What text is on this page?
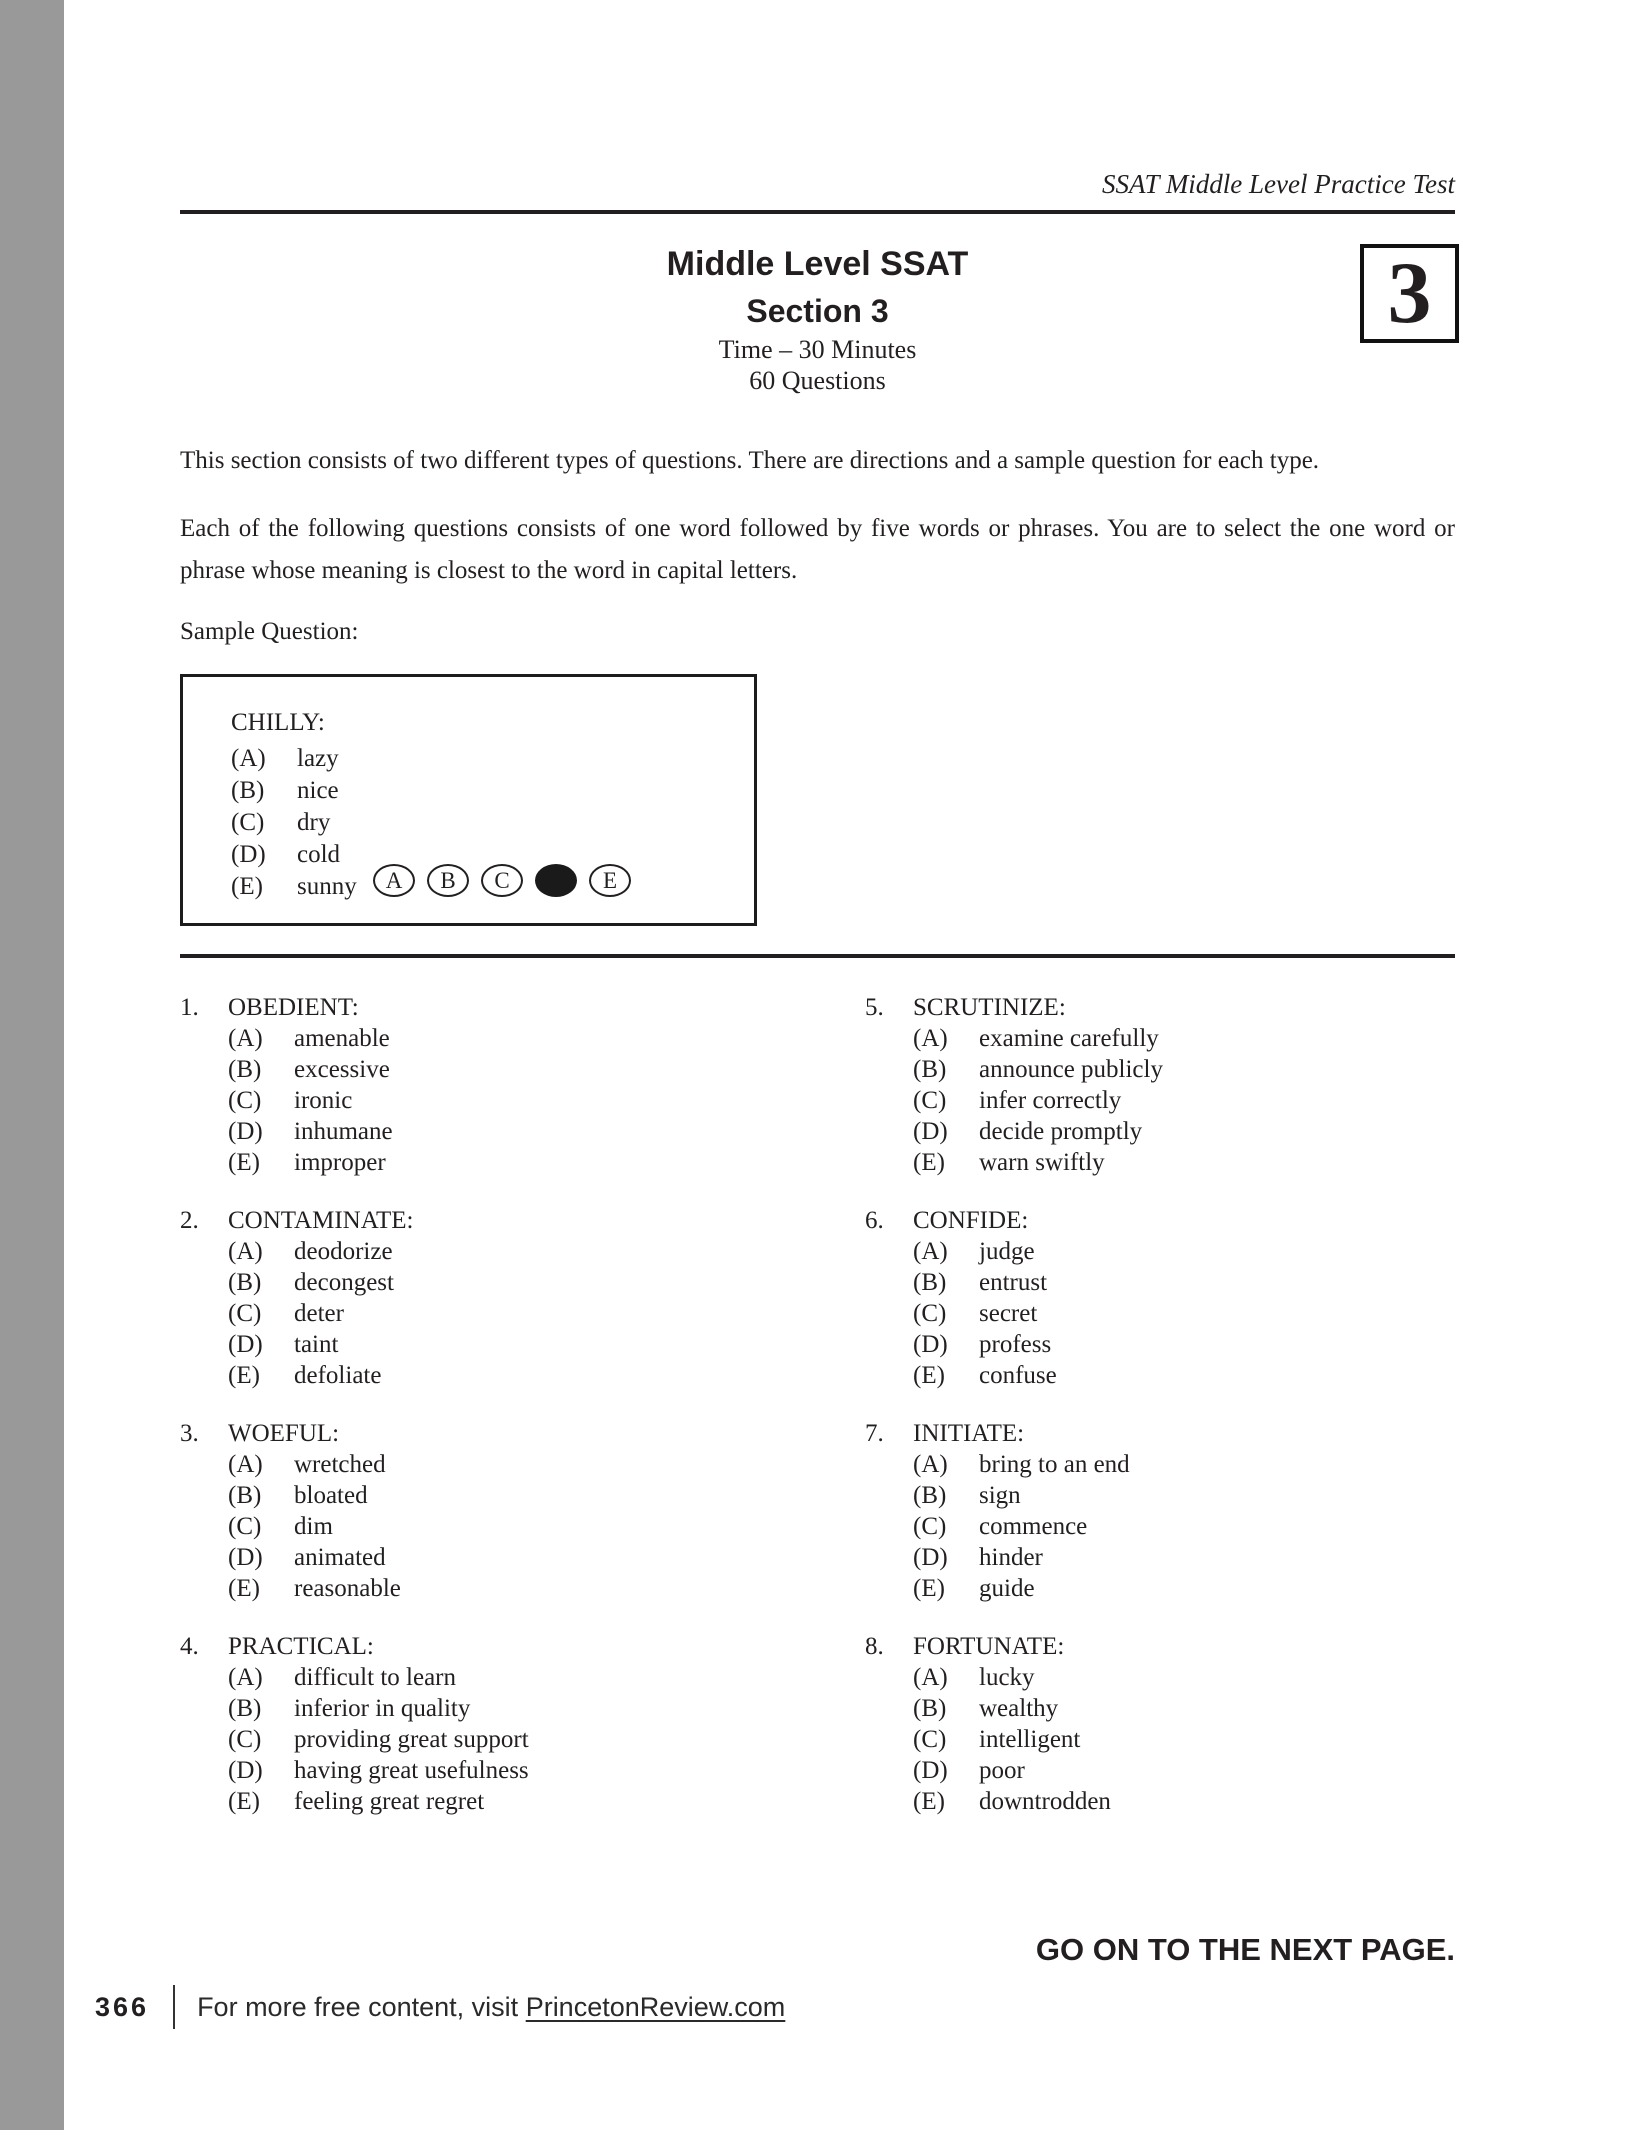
SSAT Middle Level Practice Test
Middle Level SSAT
Section 3
Time – 30 Minutes
60 Questions
3

This section consists of two different types of questions. There are directions and a sample question for each type.

Each of the following questions consists of one word followed by five words or phrases. You are to select the one word or phrase whose meaning is closest to the word in capital letters.

Sample Question:
CHILLY:
(A)	lazy
(B)	nice
(C)	dry
(D)	cold
(E)	sunny	A	B	C	E
1.	OBEDIENT:
(A)	amenable
(B)	excessive
(C)	ironic
(D)	inhumane
(E)	improper
2.	CONTAMINATE:
(A)	deodorize
(B)	decongest
(C)	deter
(D)	taint
(E)	defoliate
3.	WOEFUL:
(A)	wretched
(B)	bloated
(C)	dim
(D)	animated
(E)	reasonable
4.	PRACTICAL:
(A)	difficult to learn
(B)	inferior in quality
(C)	providing great support
(D)	having great usefulness
(E)	feeling great regret
5.	SCRUTINIZE:
(A)	examine carefully
(B)	announce publicly
(C)	infer correctly
(D)	decide promptly
(E)	warn swiftly
6.	CONFIDE:
(A)	judge
(B)	entrust
(C)	secret
(D)	profess
(E)	confuse
7.	INITIATE:
(A)	bring to an end
(B)	sign
(C)	commence
(D)	hinder
(E)	guide
8.	FORTUNATE:
(A)	lucky
(B)	wealthy
(C)	intelligent
(D)	poor
(E)	downtrodden
GO ON TO THE NEXT PAGE.
366 For more free content, visit PrincetonReview.com
